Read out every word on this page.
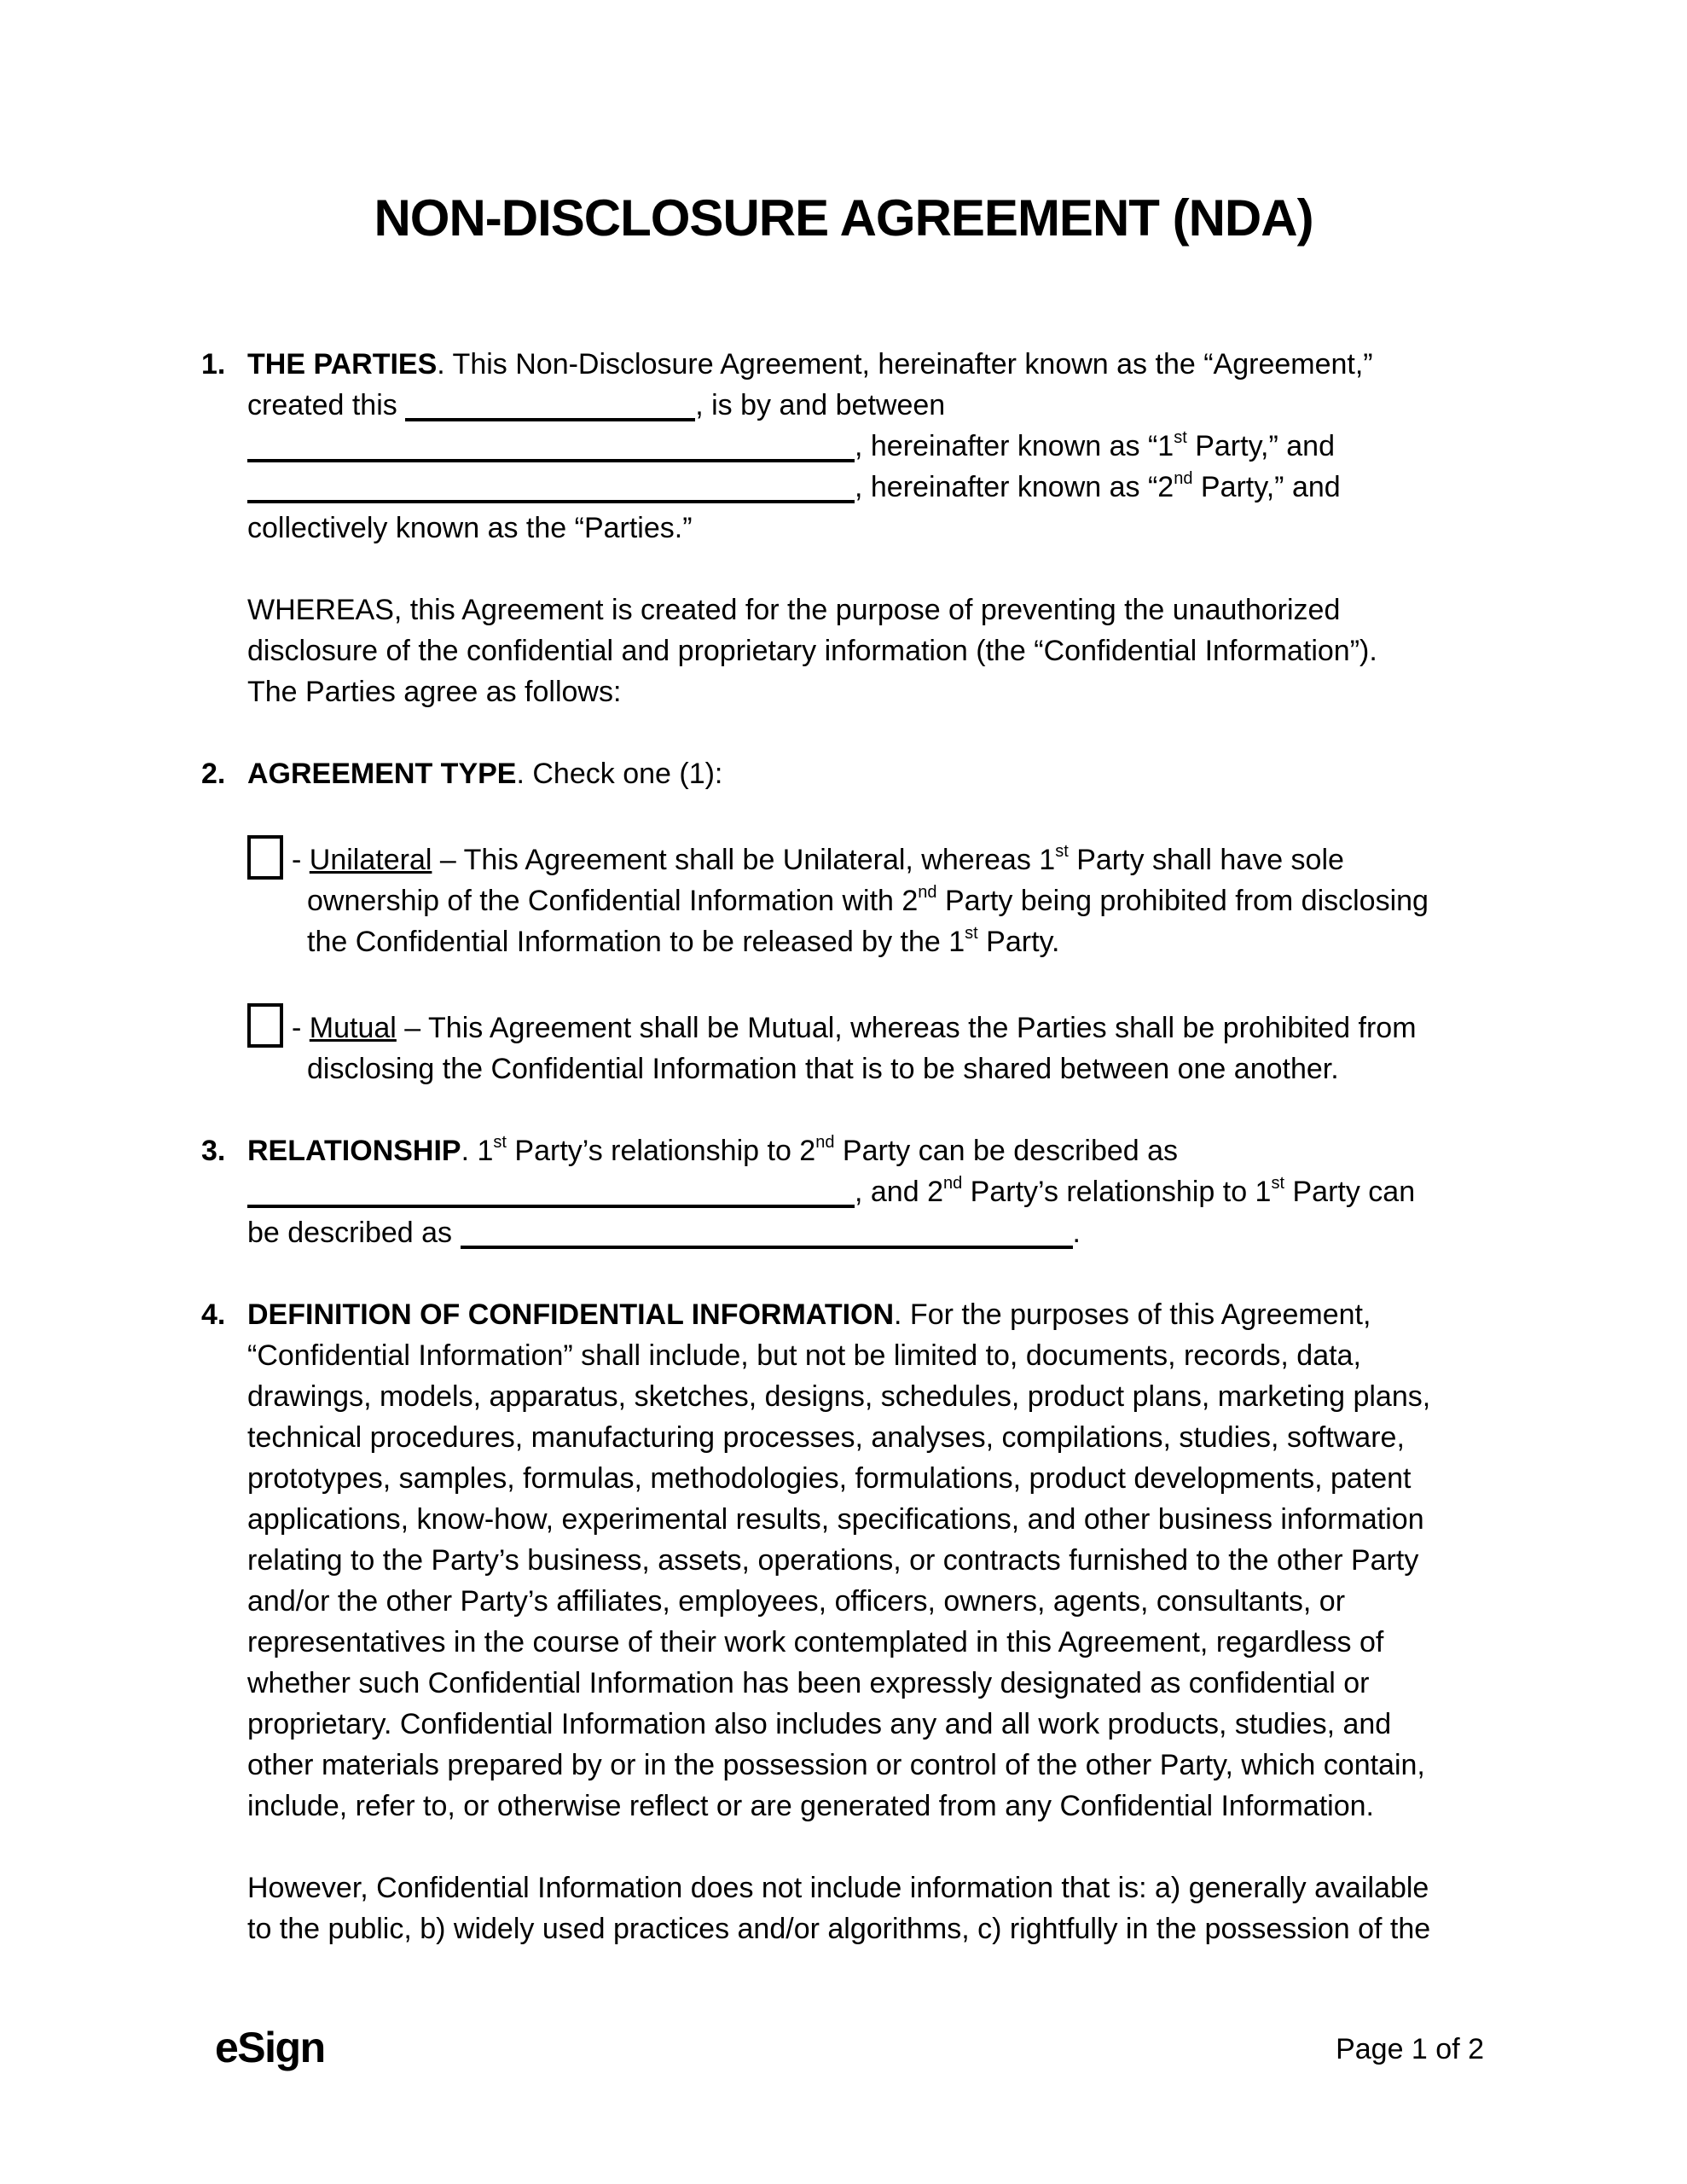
NON-DISCLOSURE AGREEMENT (NDA)
1. THE PARTIES. This Non-Disclosure Agreement, hereinafter known as the “Agreement,”
created this	, is by and between
, hereinafter known as “1st Party,” and
, hereinafter known as “2nd Party,” and
collectively known as the “Parties.”
WHEREAS, this Agreement is created for the purpose of preventing the unauthorized
disclosure of the confidential and proprietary information (the “Confidential Information”).
The Parties agree as follows:
2. AGREEMENT TYPE. Check one (1):
- Unilateral – This Agreement shall be Unilateral, whereas 1st Party shall have sole
ownership of the Confidential Information with 2nd Party being prohibited from disclosing
the Confidential Information to be released by the 1st Party.
- Mutual – This Agreement shall be Mutual, whereas the Parties shall be prohibited from
disclosing the Confidential Information that is to be shared between one another.
3. RELATIONSHIP. 1st Party’s relationship to 2nd Party can be described as
, and 2nd Party’s relationship to 1st Party can
be described as	.
4. DEFINITION OF CONFIDENTIAL INFORMATION. For the purposes of this Agreement,
“Confidential Information” shall include, but not be limited to, documents, records, data,
drawings, models, apparatus, sketches, designs, schedules, product plans, marketing plans,
technical procedures, manufacturing processes, analyses, compilations, studies, software,
prototypes, samples, formulas, methodologies, formulations, product developments, patent
applications, know-how, experimental results, specifications, and other business information
relating to the Party’s business, assets, operations, or contracts furnished to the other Party
and/or the other Party’s affiliates, employees, officers, owners, agents, consultants, or
representatives in the course of their work contemplated in this Agreement, regardless of
whether such Confidential Information has been expressly designated as confidential or
proprietary. Confidential Information also includes any and all work products, studies, and
other materials prepared by or in the possession or control of the other Party, which contain,
include, refer to, or otherwise reflect or are generated from any Confidential Information.
However, Confidential Information does not include information that is: a) generally available
to the public, b) widely used practices and/or algorithms, c) rightfully in the possession of the
eSign	Page 1 of 2
